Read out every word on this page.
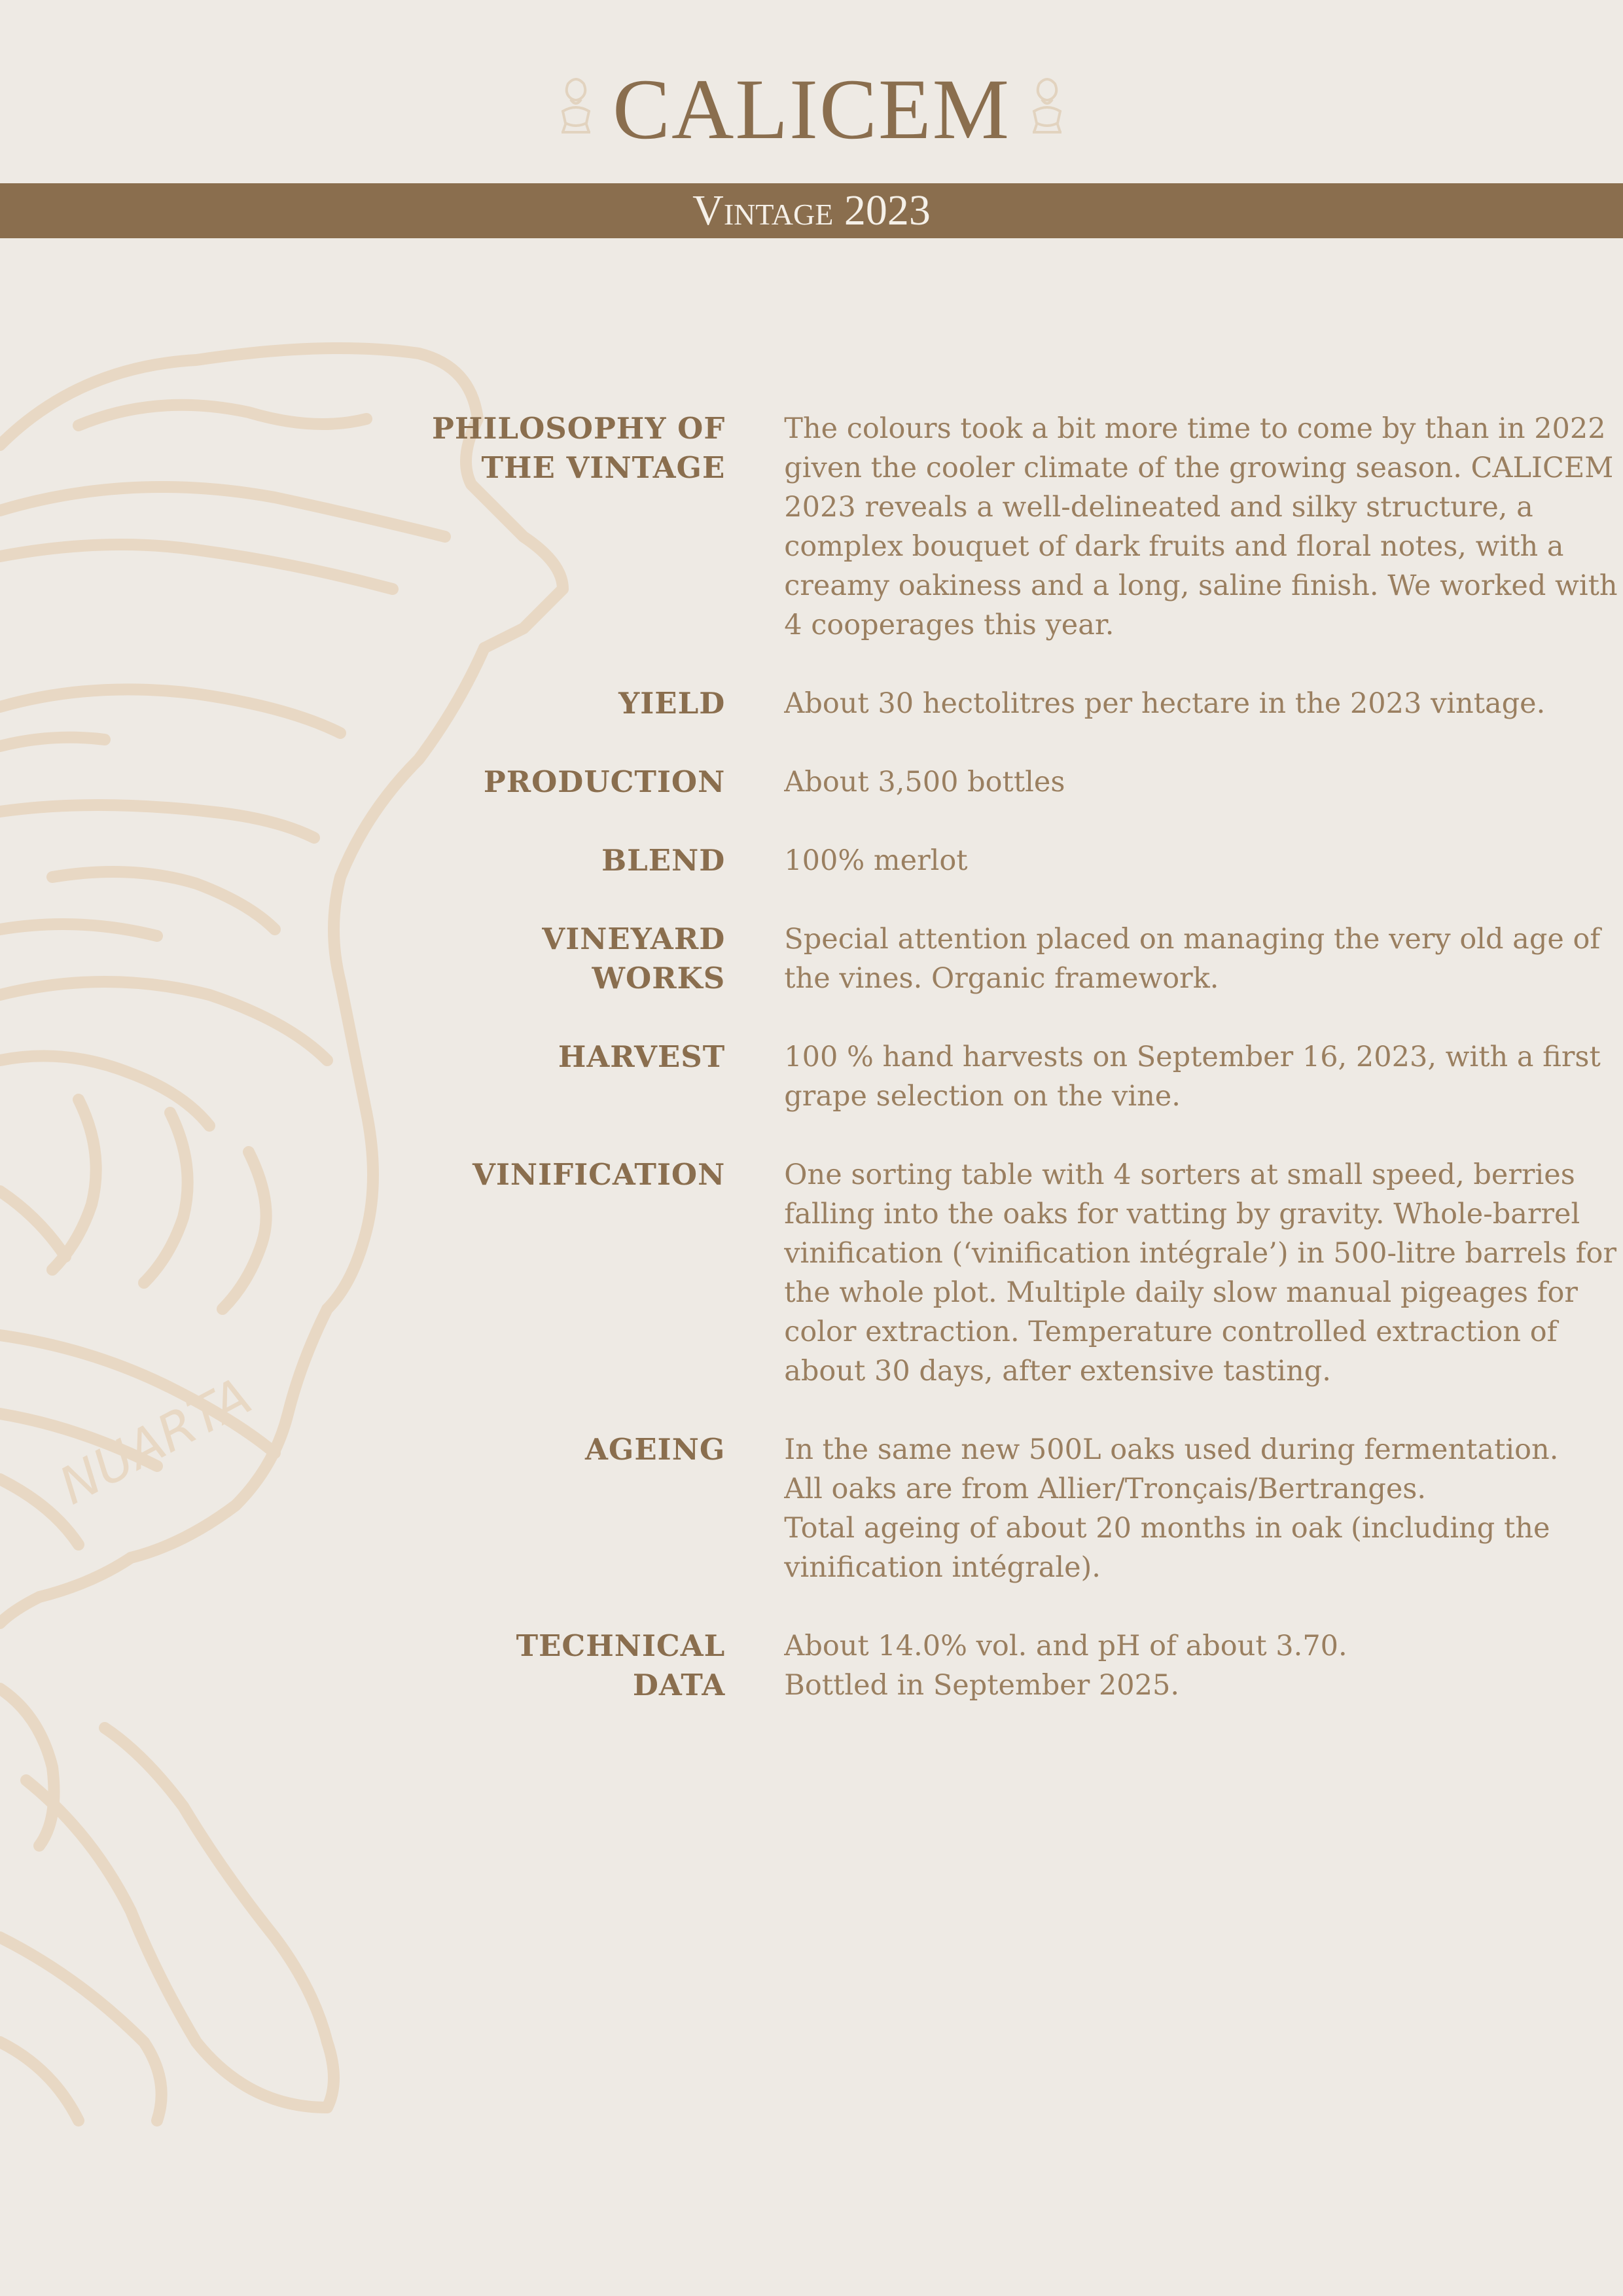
CALICEM
Vintage 2023
NUARTA
PHILOSOPHY OF THE VINTAGE

The colours took a bit more time to come by than in 2022 given the cooler climate of the growing season. CALICEM 2023 reveals a well-delineated and silky structure, a complex bouquet of dark fruits and floral notes, with a creamy oakiness and a long, saline finish. We worked with 4 cooperages this year.

YIELD About 30 hectolitres per hectare in the 2023 vintage.

PRODUCTION About 3,500 bottles

BLEND 100% merlot

VINEYARD WORKS

Special attention placed on managing the very old age of the vines. Organic framework.

HARVEST 100 % hand harvests on September 16, 2023, with a first grape selection on the vine.

VINIFICATION One sorting table with 4 sorters at small speed, berries falling into the oaks for vatting by gravity. Whole-barrel vinification (‘vinification intégrale’) in 500-litre barrels for the whole plot. Multiple daily slow manual pigeages for color extraction. Temperature controlled extraction of about 30 days, after extensive tasting.

AGEING In the same new 500L oaks used during fermentation.

All oaks are from Allier/Tronçais/Bertranges.

Total ageing of about 20 months in oak (including the vinification intégrale).

TECHNICAL DATA

About 14.0% vol. and pH of about 3.70.

Bottled in September 2025.
